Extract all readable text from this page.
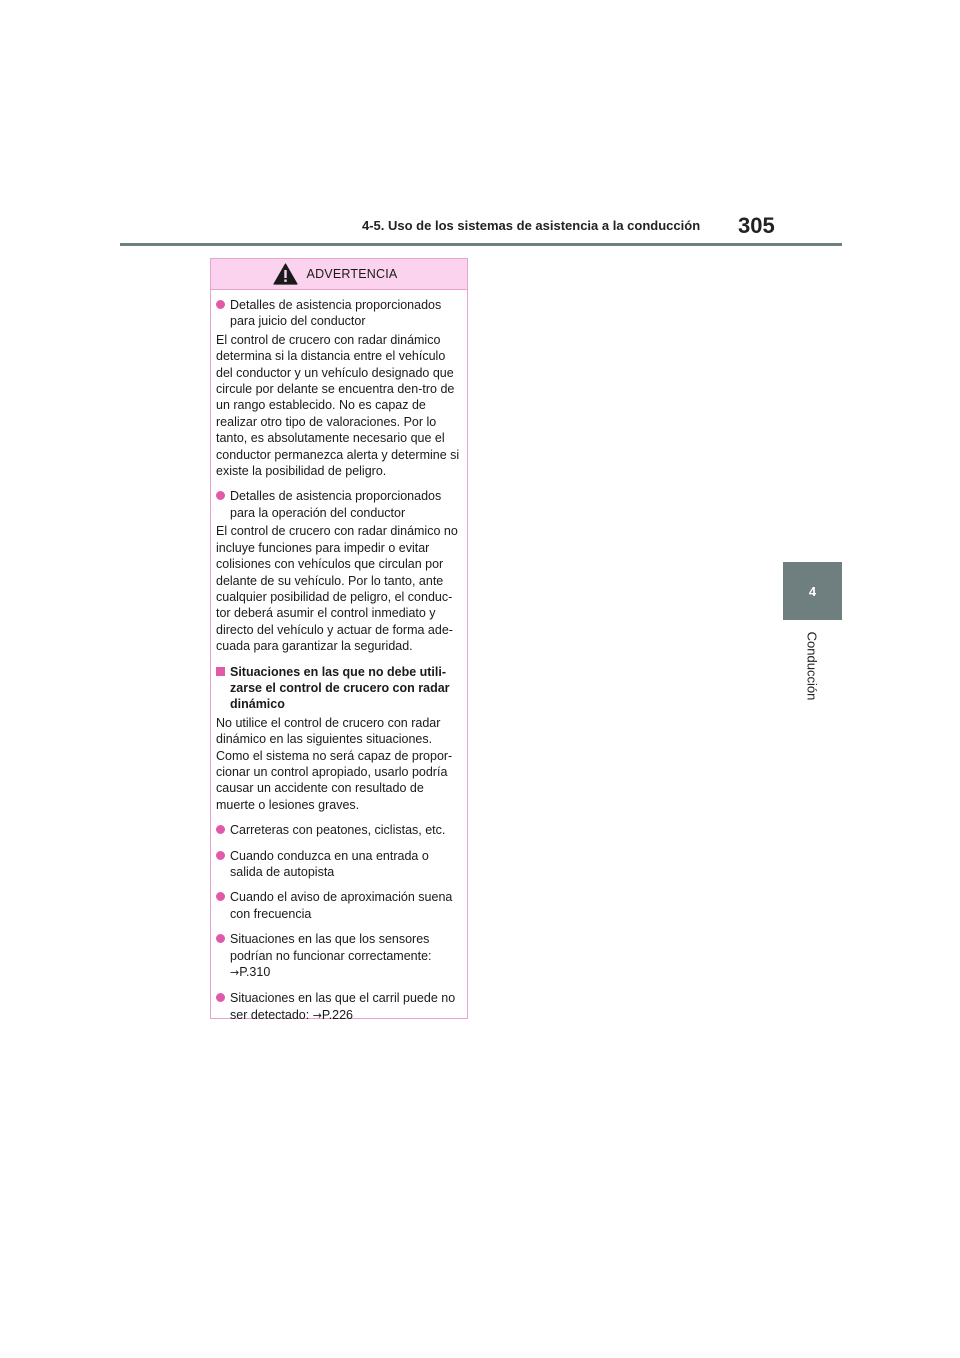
4-5. Uso de los sistemas de asistencia a la conducción 305
4
Conducción
ADVERTENCIA
Detalles de asistencia proporcionados para juicio del conductor

El control de crucero con radar dinámico determina si la distancia entre el vehículo del conductor y un vehículo designado que circule por delante se encuentra den-tro de un rango establecido. No es capaz de realizar otro tipo de valoraciones. Por lo tanto, es absolutamente necesario que el conductor permanezca alerta y determine si existe la posibilidad de peligro.

Detalles de asistencia proporcionados para la operación del conductor

El control de crucero con radar dinámico no incluye funciones para impedir o evitar colisiones con vehículos que circulan por delante de su vehículo. Por lo tanto, ante cualquier posibilidad de peligro, el conduc-tor deberá asumir el control inmediato y directo del vehículo y actuar de forma ade-cuada para garantizar la seguridad.

Situaciones en las que no debe utili-zarse el control de crucero con radar dinámico

No utilice el control de crucero con radar dinámico en las siguientes situaciones. Como el sistema no será capaz de propor-cionar un control apropiado, usarlo podría causar un accidente con resultado de muerte o lesiones graves.

Carreteras con peatones, ciclistas, etc.
Cuando conduzca en una entrada o salida de autopista
Cuando el aviso de aproximación suena con frecuencia
Situaciones en las que los sensores podrían no funcionar correctamente: →P.310
Situaciones en las que el carril puede no ser detectado: →P.226
